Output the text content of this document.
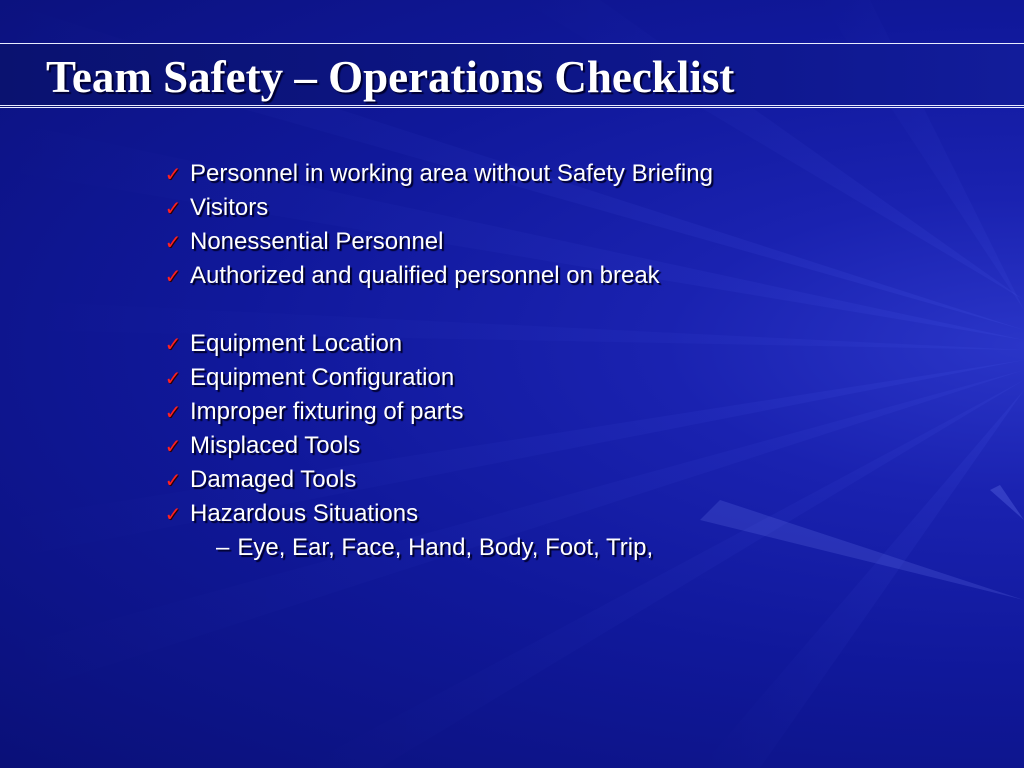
Team Safety – Operations Checklist
✓ Personnel in working area without Safety Briefing
✓ Visitors
✓ Nonessential Personnel
✓ Authorized and qualified personnel on break
✓ Equipment Location
✓ Equipment Configuration
✓ Improper fixturing of parts
✓ Misplaced Tools
✓ Damaged Tools
✓ Hazardous Situations
– Eye, Ear, Face, Hand, Body, Foot, Trip,
